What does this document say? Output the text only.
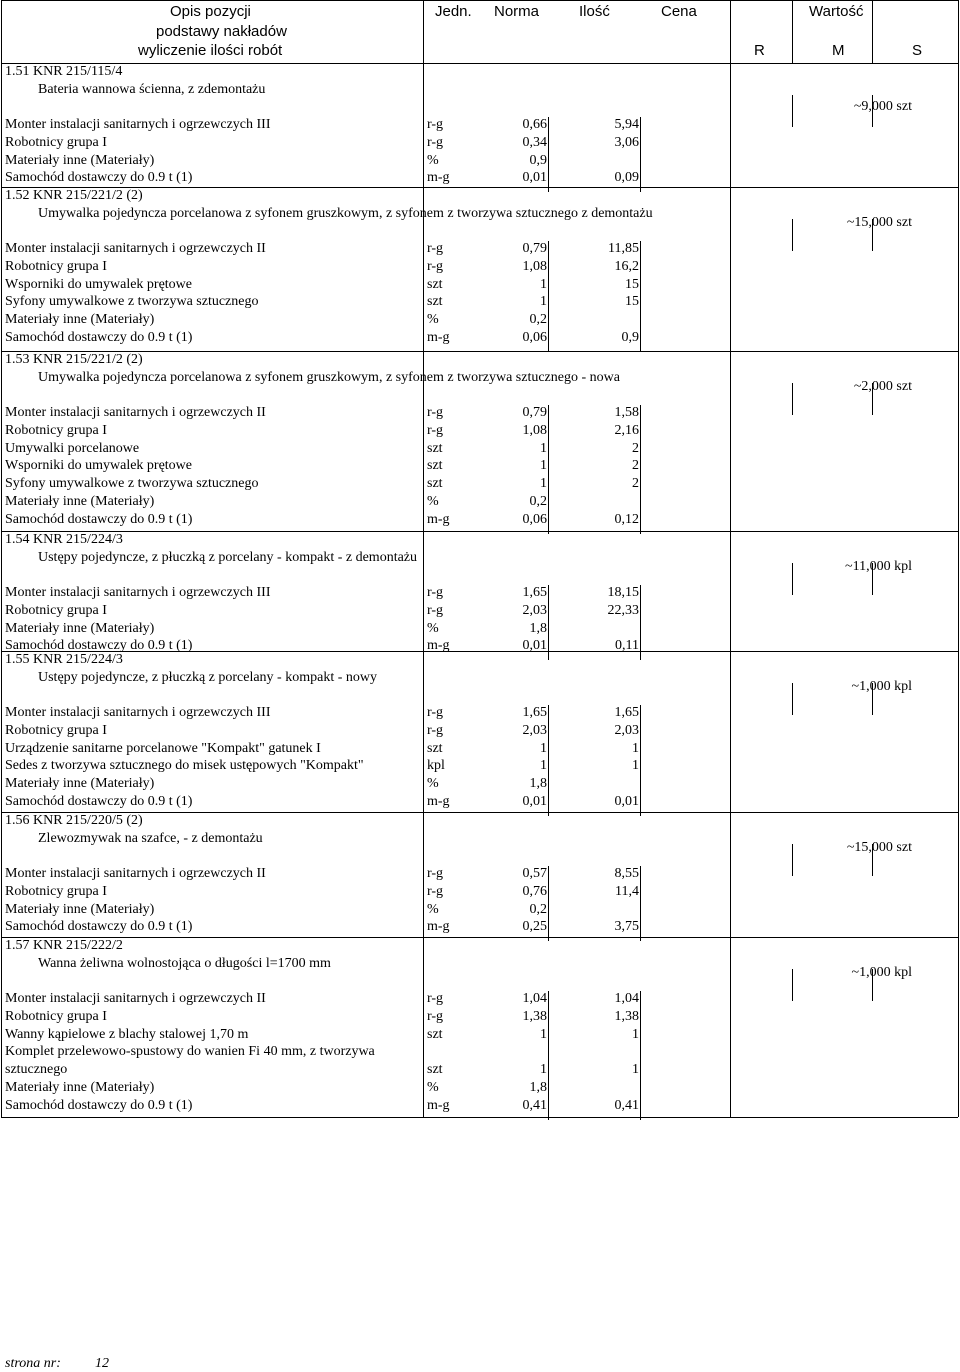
Opis pozycji
podstawy nakładów
wyliczenie ilości robót
Jedn. Norma	Ilość	Cena	Wartość
R	M	S
1.51 KNR 215/115/4
Bateria wannowa ścienna, z zdemontażu
~9,000 szt
Monter instalacji sanitarnych i ogrzewczych III	r-g	0,66	5,94
Robotnicy grupa I	r-g	0,34	3,06
Materiały inne (Materiały)	%	0,9
Samochód dostawczy do 0.9 t (1)	m-g	0,01	0,09
1.52 KNR 215/221/2 (2)
Umywalka pojedyncza porcelanowa z syfonem gruszkowym, z syfonem z tworzywa sztucznego z demontażu
~15,000 szt
Monter instalacji sanitarnych i ogrzewczych II	r-g	0,79	11,85
Robotnicy grupa I	r-g	1,08	16,2
Wsporniki do umywalek prętowe	szt	1	15
Syfony umywalkowe z tworzywa sztucznego	szt	1	15
Materiały inne (Materiały)	%	0,2
Samochód dostawczy do 0.9 t (1)	m-g	0,06	0,9
1.53 KNR 215/221/2 (2)
Umywalka pojedyncza porcelanowa z syfonem gruszkowym, z syfonem z tworzywa sztucznego - nowa
~2,000 szt
Monter instalacji sanitarnych i ogrzewczych II	r-g	0,79	1,58
Robotnicy grupa I	r-g	1,08	2,16
Umywalki porcelanowe	szt	1	2
Wsporniki do umywalek prętowe	szt	1	2
Syfony umywalkowe z tworzywa sztucznego	szt	1	2
Materiały inne (Materiały)	%	0,2
Samochód dostawczy do 0.9 t (1)	m-g	0,06	0,12
1.54 KNR 215/224/3
Ustępy pojedyncze, z płuczką z porcelany - kompakt - z demontażu
~11,000 kpl
Monter instalacji sanitarnych i ogrzewczych III	r-g	1,65	18,15
Robotnicy grupa I	r-g	2,03	22,33
Materiały inne (Materiały)	%	1,8
Samochód dostawczy do 0.9 t (1)	m-g	0,01	0,11
1.55 KNR 215/224/3
Ustępy pojedyncze, z płuczką z porcelany - kompakt - nowy
~1,000 kpl
Monter instalacji sanitarnych i ogrzewczych III	r-g	1,65	1,65
Robotnicy grupa I	r-g	2,03	2,03
Urządzenie sanitarne porcelanowe "Kompakt" gatunek I	szt	1	1
Sedes z tworzywa sztucznego do misek ustępowych "Kompakt"	kpl	1	1
Materiały inne (Materiały)	%	1,8
Samochód dostawczy do 0.9 t (1)	m-g	0,01	0,01
1.56 KNR 215/220/5 (2)
Zlewozmywak na szafce, - z demontażu
~15,000 szt
Monter instalacji sanitarnych i ogrzewczych II	r-g	0,57	8,55
Robotnicy grupa I	r-g	0,76	11,4
Materiały inne (Materiały)	%	0,2
Samochód dostawczy do 0.9 t (1)	m-g	0,25	3,75
1.57 KNR 215/222/2
Wanna żeliwna wolnostojąca o długości l=1700 mm
~1,000 kpl
Monter instalacji sanitarnych i ogrzewczych II	r-g	1,04	1,04
Robotnicy grupa I	r-g	1,38	1,38
Wanny kąpielowe z blachy stalowej 1,70 m	szt	1	1
Komplet przelewowo-spustowy do wanien Fi 40 mm, z tworzywa
sztucznego	szt	1	1
Materiały inne (Materiały)	%	1,8
Samochód dostawczy do 0.9 t (1)	m-g	0,41	0,41
strona nr: 12
